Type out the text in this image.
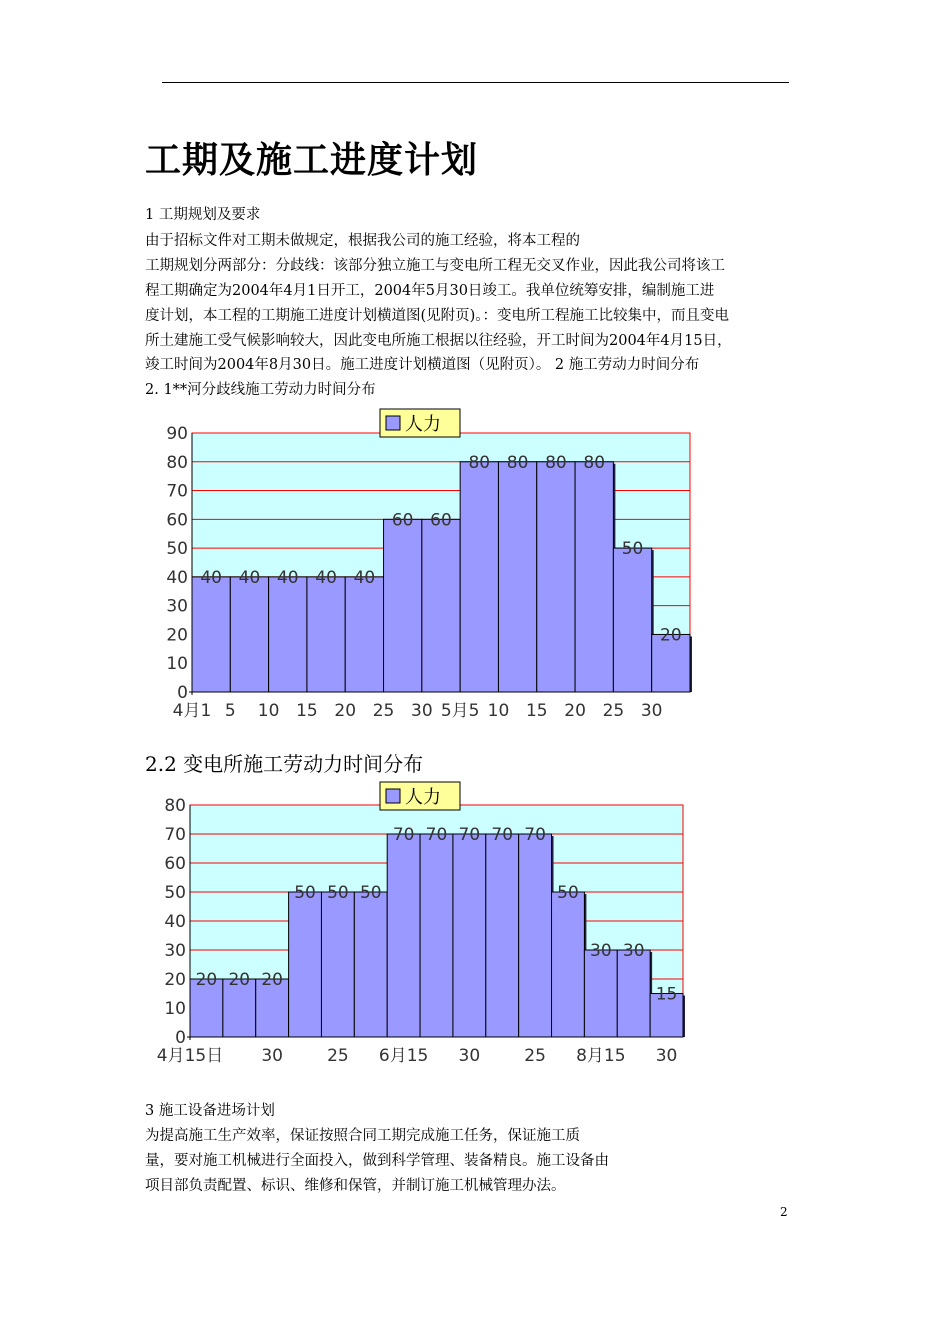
工期及施工进度计划
1 工期规划及要求
由于招标文件对工期未做规定，根据我公司的施工经验，将本工程的
工期规划分两部分：分歧线：该部分独立施工与变电所工程无交叉作业，因此我公司将该工
程工期确定为2004年4月1日开工，2004年5月30日竣工。我单位统筹安排，编制施工进
度计划，本工程的工期施工进度计划横道图(见附页)。：变电所工程施工比较集中，而且变电
所土建施工受气候影响较大，因此变电所施工根据以往经验，开工时间为2004年4月15日，
竣工时间为2004年8月30日。施工进度计划横道图（见附页）。 2 施工劳动力时间分布
2. 1**河分歧线施工劳动力时间分布
0
10
20
30
40
50
60
70
80
90
40 40 40 40 40
60 60
80 80 80 80
50
20
4月1 5 10 15 20 25 30 5月5 10 15 20 25 30
人力
2.2 变电所施工劳动力时间分布
0
10
20
30
40
50
60
70
80
20 20 20
50 50 50
70 70 70 70 70
50
30 30
15
4月15日 30	25 6月15 30	25 8月15 30
人力
3 施工设备进场计划
为提高施工生产效率，保证按照合同工期完成施工任务，保证施工质
量，要对施工机械进行全面投入，做到科学管理、装备精良。施工设备由
项目部负责配置、标识、维修和保管，并制订施工机械管理办法。
2
